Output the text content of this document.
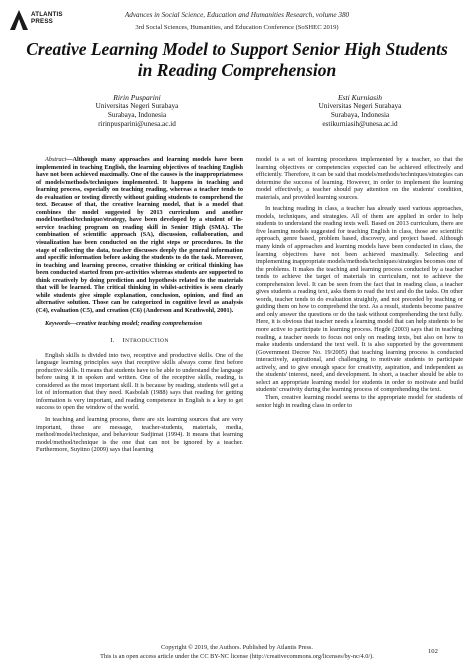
ATLANTIS PRESS
Advances in Social Science, Education and Humanities Research, volume 380
3rd Social Sciences, Humanities, and Education Conference (SoSHEC 2019)
Creative Learning Model to Support Senior High Students in Reading Comprehension
Ririn Pusparini
Universitas Negeri Surabaya
Surabaya, Indonesia
ririnpusparini@unesa.ac.id
Esti Kurniasih
Universitas Negeri Surabaya
Surabaya, Indonesia
estikurniasih@unesa.ac.id

Abstract—Although many approaches and learning models have been implemented in teaching English, the learning objectives of teaching English have not been achieved maximally. One of the causes is the inappropriateness of models/methods/techniques implemented. It happens in teaching and learning process, especially on teaching reading, whereas a teacher tends to do evaluation or testing directly without guiding students to comprehend the text. Because of that, the creative learning model, that is a model that combines the model suggested by 2013 curriculum and another model/method/technique/strategy, have been developed by a student of in-service teaching program on reading skill in Senior High (SMA). The combination of scientific approach (SA), discussion, collaboration, and visualization has been conducted on the right steps or procedures. In the stage of collecting the data, teacher discusses deeply the general information and specific information before asking the students to do the task. Moreover, in teaching and learning process, creative thinking or critical thinking has been conducted started from pre-activities whereas students are supported to think creatively by doing prediction and hypothesis related to the materials that will be learned. The critical thinking in whilst-activities is seen clearly while students give simple explanation, conclusion, opinion, and find an alternative solution. Those can be categorized in cognitive level as analysis (C4), evaluation (C5), and creation (C6) (Anderson and Krathwohl, 2001).

Keywords—creative teaching model; reading comprehension

I. INTRODUCTION

English skills is divided into two, receptive and productive skills. One of the language learning principles says that receptive skills always come first before productive skills. It means that students have to be able to understand the language before using it in spoken and written. One of the receptive skills, reading, is considered as the most important skill. It is because by reading, students will get a lot of information that they need. Kasbolah (1988) says that reading for getting information is very important, and reading competence in English is a key to get success to open the window of the world.

In teaching and learning process, there are six learning sources that are very important, those are message, teacher-students, materials, media, method/model/technique, and behaviour Sudjimat (1994). It means that learning model/method/technique is the one that can not be ignored by a teacher. Furthermore, Suyitno (2009) says that learning

model is a set of learning procedures implemented by a teacher, so that the learning objectives or competencies expected can be achieved effectively and efficiently. Therefore, it can be said that models/methods/techniques/strategies can determine the success of learning. However, in order to implement the learning model effectively, a teacher should pay attention on the students' condition, materials, and provided learning sources.

In teaching reading in class, a teacher has already used various approaches, models, techniques, and strategies. All of them are applied in order to help students to understand the reading texts well. Based on 2013 curriculum, there are five learning models suggested for teaching English in class, those are scientific approach, genre based, problem based, discovery, and project based. Although many kinds of approaches and learning models have been conducted in class, the learning objectives have not been achieved maximally. Selecting and implementing inappropriate models/methods/techniques/strategies becomes one of the problems. It makes the teaching and learning process conducted by a teacher tends to achieve the target of materials in curriculum, not to achieve the comprehension level. It can be seen from the fact that in reading class, a teacher gives students a reading text, asks them to read the text and do the tasks. On other words, teacher tends to do evaluation straightly, and not preceded by teaching or guiding them on how to comprehend the text. As a result, students become passive and only answer the questions or do the task without comprehending the text fully. Here, it is obvious that teacher needs a learning model that can help students to be more active to participate in learning process. Hegde (2003) says that in teaching reading, a teacher needs to focus not only on reading texts, but also on how to make students understand the text well. It is also supported by the government (Government Decree No. 19/2005) that teaching learning process is conducted interactively, aspirational, and challenging to motivate students to participate actively, and to give enough space for creativity, aspiration, and independent as the students' interest, need, and development. In short, a teacher should be able to select an appropriate learning model for students in order to motivate and build students' creativity during the learning process of comprehending the text.

Then, creative learning model seems to the appropriate model for students of senior high in reading class in order to

Copyright © 2019, the Authors. Published by Atlantis Press.
This is an open access article under the CC BY-NC license (http://creativecommons.org/licenses/by-nc/4.0/).
102
